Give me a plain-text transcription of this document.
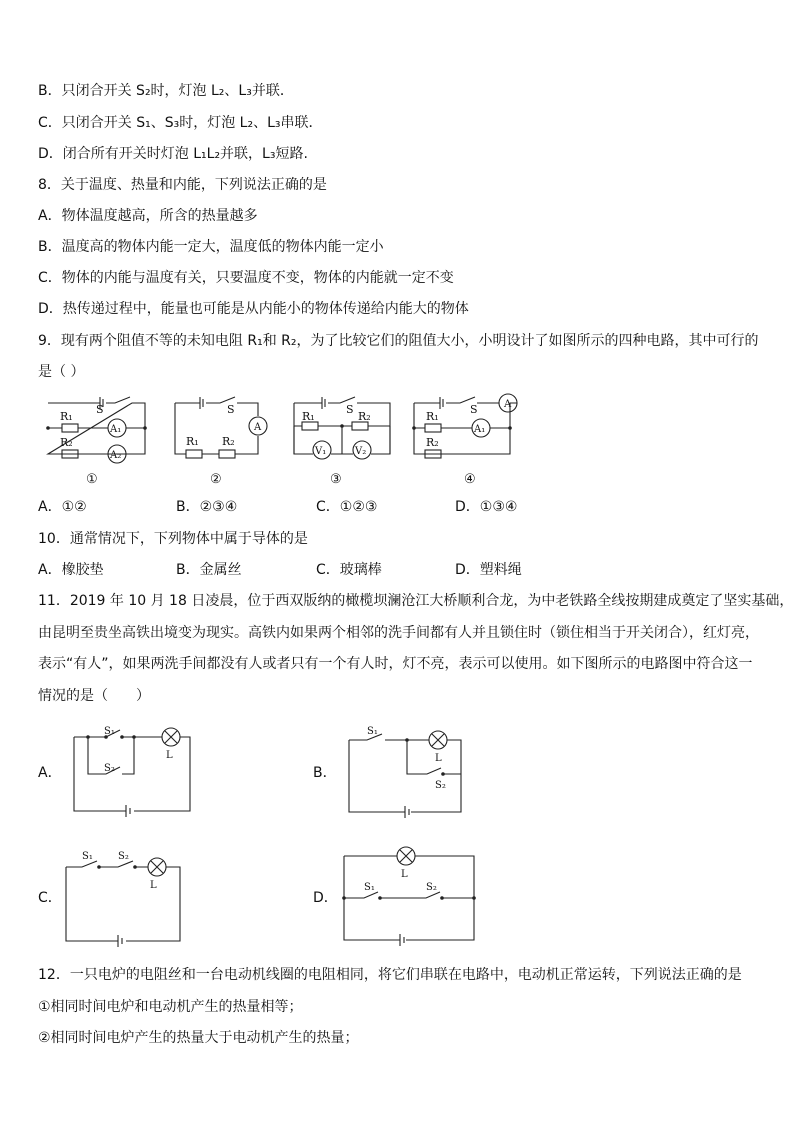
B．只闭合开关 S₂时，灯泡 L₂、L₃并联．
C．只闭合开关 S₁、S₃时，灯泡 L₂、L₃串联．
D．闭合所有开关时灯泡 L₁L₂并联，L₃短路.
8．关于温度、热量和内能，下列说法正确的是
A．物体温度越高，所含的热量越多
B．温度高的物体内能一定大，温度低的物体内能一定小
C．物体的内能与温度有关，只要温度不变，物体的内能就一定不变
D．热传递过程中，能量也可能是从内能小的物体传递给内能大的物体
9．现有两个阻值不等的未知电阻 R₁和 R₂，为了比较它们的阻值大小，小明设计了如图所示的四种电路，其中可行的
是（ ）
S
R₁
R₂
A₁
A₂
①
S
R₁ R₂
A
②
S
R₁	R₂
V₁	V₂
③
S
R₁
R₂
A₁
A
④
A．①②	B．②③④	C．①②③	D．①③④
10．通常情况下，下列物体中属于导体的是
A．橡胶垫	B．金属丝	C．玻璃棒	D．塑料绳
11．2019 年 10 月 18 日凌晨，位于西双版纳的橄榄坝澜沧江大桥顺利合龙，为中老铁路全线按期建成奠定了坚实基础，
由昆明至贵坐高铁出境变为现实。高铁内如果两个相邻的洗手间都有人并且锁住时（锁住相当于开关闭合），红灯亮，
表示“有人”，如果两洗手间都没有人或者只有一个有人时，灯不亮，表示可以使用。如下图所示的电路图中符合这一
情况的是（　　）
A．	B．
C．	D．
S₁
S₂
L
S₁
S₂
L
S₁	S₂
L	S₁	S₂
L
12．一只电炉的电阻丝和一台电动机线圈的电阻相同，将它们串联在电路中，电动机正常运转，下列说法正确的是
①相同时间电炉和电动机产生的热量相等；
②相同时间电炉产生的热量大于电动机产生的热量；
